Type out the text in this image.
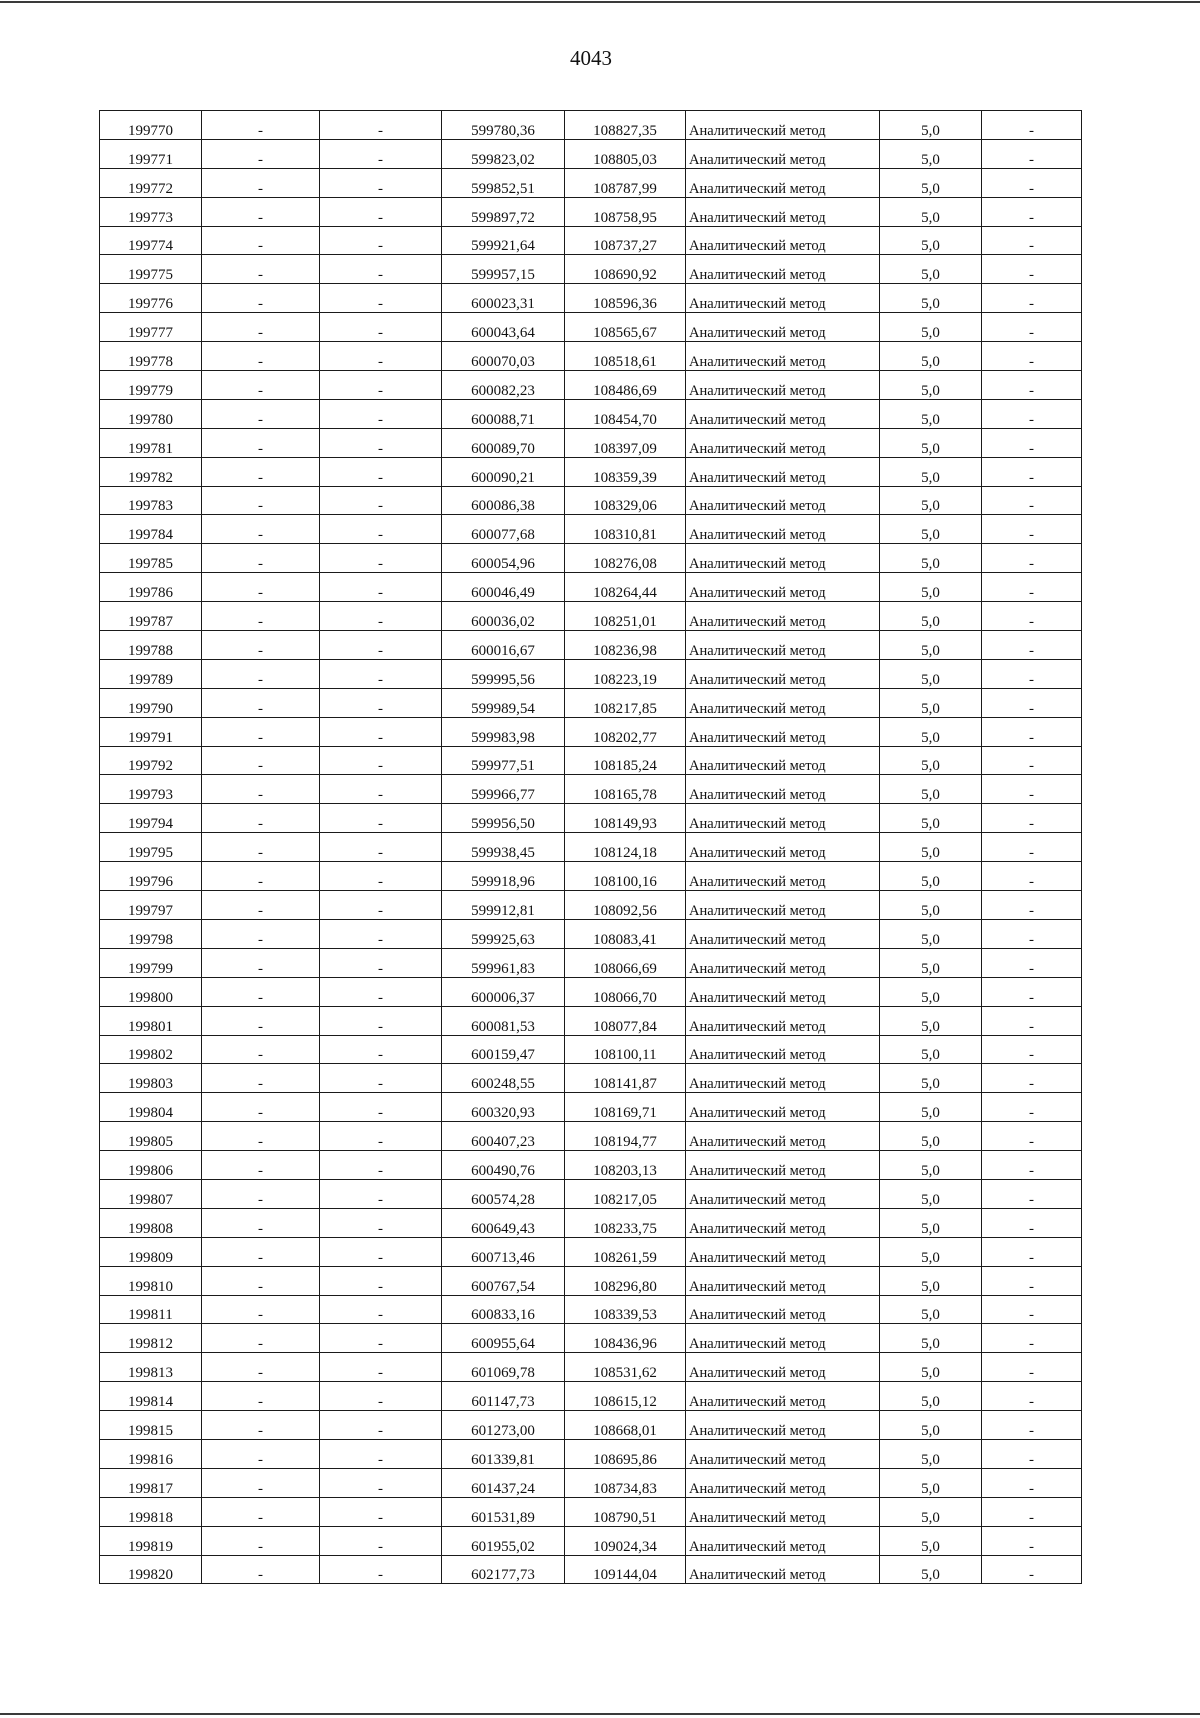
4043
199770	-	-	599780,36	108827,35	Аналитический метод	5,0	-
199771	-	-	599823,02	108805,03	Аналитический метод	5,0	-
199772	-	-	599852,51	108787,99	Аналитический метод	5,0	-
199773	-	-	599897,72	108758,95	Аналитический метод	5,0	-
199774	-	-	599921,64	108737,27	Аналитический метод	5,0	-
199775	-	-	599957,15	108690,92	Аналитический метод	5,0	-
199776	-	-	600023,31	108596,36	Аналитический метод	5,0	-
199777	-	-	600043,64	108565,67	Аналитический метод	5,0	-
199778	-	-	600070,03	108518,61	Аналитический метод	5,0	-
199779	-	-	600082,23	108486,69	Аналитический метод	5,0	-
199780	-	-	600088,71	108454,70	Аналитический метод	5,0	-
199781	-	-	600089,70	108397,09	Аналитический метод	5,0	-
199782	-	-	600090,21	108359,39	Аналитический метод	5,0	-
199783	-	-	600086,38	108329,06	Аналитический метод	5,0	-
199784	-	-	600077,68	108310,81	Аналитический метод	5,0	-
199785	-	-	600054,96	108276,08	Аналитический метод	5,0	-
199786	-	-	600046,49	108264,44	Аналитический метод	5,0	-
199787	-	-	600036,02	108251,01	Аналитический метод	5,0	-
199788	-	-	600016,67	108236,98	Аналитический метод	5,0	-
199789	-	-	599995,56	108223,19	Аналитический метод	5,0	-
199790	-	-	599989,54	108217,85	Аналитический метод	5,0	-
199791	-	-	599983,98	108202,77	Аналитический метод	5,0	-
199792	-	-	599977,51	108185,24	Аналитический метод	5,0	-
199793	-	-	599966,77	108165,78	Аналитический метод	5,0	-
199794	-	-	599956,50	108149,93	Аналитический метод	5,0	-
199795	-	-	599938,45	108124,18	Аналитический метод	5,0	-
199796	-	-	599918,96	108100,16	Аналитический метод	5,0	-
199797	-	-	599912,81	108092,56	Аналитический метод	5,0	-
199798	-	-	599925,63	108083,41	Аналитический метод	5,0	-
199799	-	-	599961,83	108066,69	Аналитический метод	5,0	-
199800	-	-	600006,37	108066,70	Аналитический метод	5,0	-
199801	-	-	600081,53	108077,84	Аналитический метод	5,0	-
199802	-	-	600159,47	108100,11	Аналитический метод	5,0	-
199803	-	-	600248,55	108141,87	Аналитический метод	5,0	-
199804	-	-	600320,93	108169,71	Аналитический метод	5,0	-
199805	-	-	600407,23	108194,77	Аналитический метод	5,0	-
199806	-	-	600490,76	108203,13	Аналитический метод	5,0	-
199807	-	-	600574,28	108217,05	Аналитический метод	5,0	-
199808	-	-	600649,43	108233,75	Аналитический метод	5,0	-
199809	-	-	600713,46	108261,59	Аналитический метод	5,0	-
199810	-	-	600767,54	108296,80	Аналитический метод	5,0	-
199811	-	-	600833,16	108339,53	Аналитический метод	5,0	-
199812	-	-	600955,64	108436,96	Аналитический метод	5,0	-
199813	-	-	601069,78	108531,62	Аналитический метод	5,0	-
199814	-	-	601147,73	108615,12	Аналитический метод	5,0	-
199815	-	-	601273,00	108668,01	Аналитический метод	5,0	-
199816	-	-	601339,81	108695,86	Аналитический метод	5,0	-
199817	-	-	601437,24	108734,83	Аналитический метод	5,0	-
199818	-	-	601531,89	108790,51	Аналитический метод	5,0	-
199819	-	-	601955,02	109024,34	Аналитический метод	5,0	-
199820	-	-	602177,73	109144,04	Аналитический метод	5,0	-
